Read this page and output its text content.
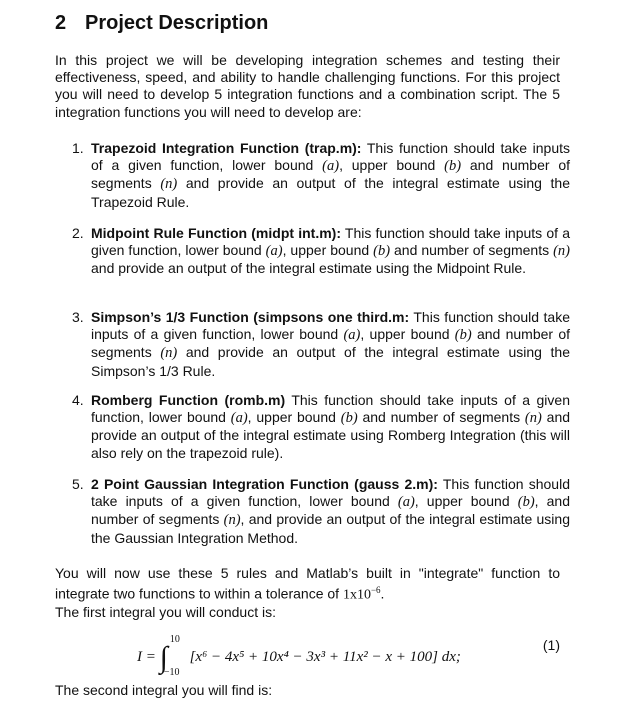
2 Project Description

In this project we will be developing integration schemes and testing their effectiveness, speed, and ability to handle challenging functions. For this project you will need to develop 5 integration functions and a combination script. The 5 integration functions you will need to develop are:

1. Trapezoid Integration Function (trap.m): This function should take inputs of a given function, lower bound (a), upper bound (b) and number of segments (n) and provide an output of the integral estimate using the Trapezoid Rule.

2. Midpoint Rule Function (midpt int.m): This function should take inputs of a given function, lower bound (a), upper bound (b) and number of segments (n) and provide an output of the integral estimate using the Midpoint Rule.

3. Simpson’s 1/3 Function (simpsons one third.m: This function should take inputs of a given function, lower bound (a), upper bound (b) and number of segments (n) and provide an output of the integral estimate using the Simpson’s 1/3 Rule.

4. Romberg Function (romb.m) This function should take inputs of a given function, lower bound (a), upper bound (b) and number of segments (n) and provide an output of the integral estimate using Romberg Integration (this will also rely on the trapezoid rule).

5. 2 Point Gaussian Integration Function (gauss 2.m): This function should take inputs of a given function, lower bound (a), upper bound (b), and number of segments (n), and provide an output of the integral estimate using the Gaussian Integration Method.

You will now use these 5 rules and Matlab’s built in "integrate" function to integrate two functions to within a tolerance of $1x10^{-6}$.
The first integral you will conduct is:

I = ∫
10
−10
[x⁶ − 4x⁵ + 10x⁴ − 3x³ + 11x² − x + 100] dx;
(1)

The second integral you will find is:
